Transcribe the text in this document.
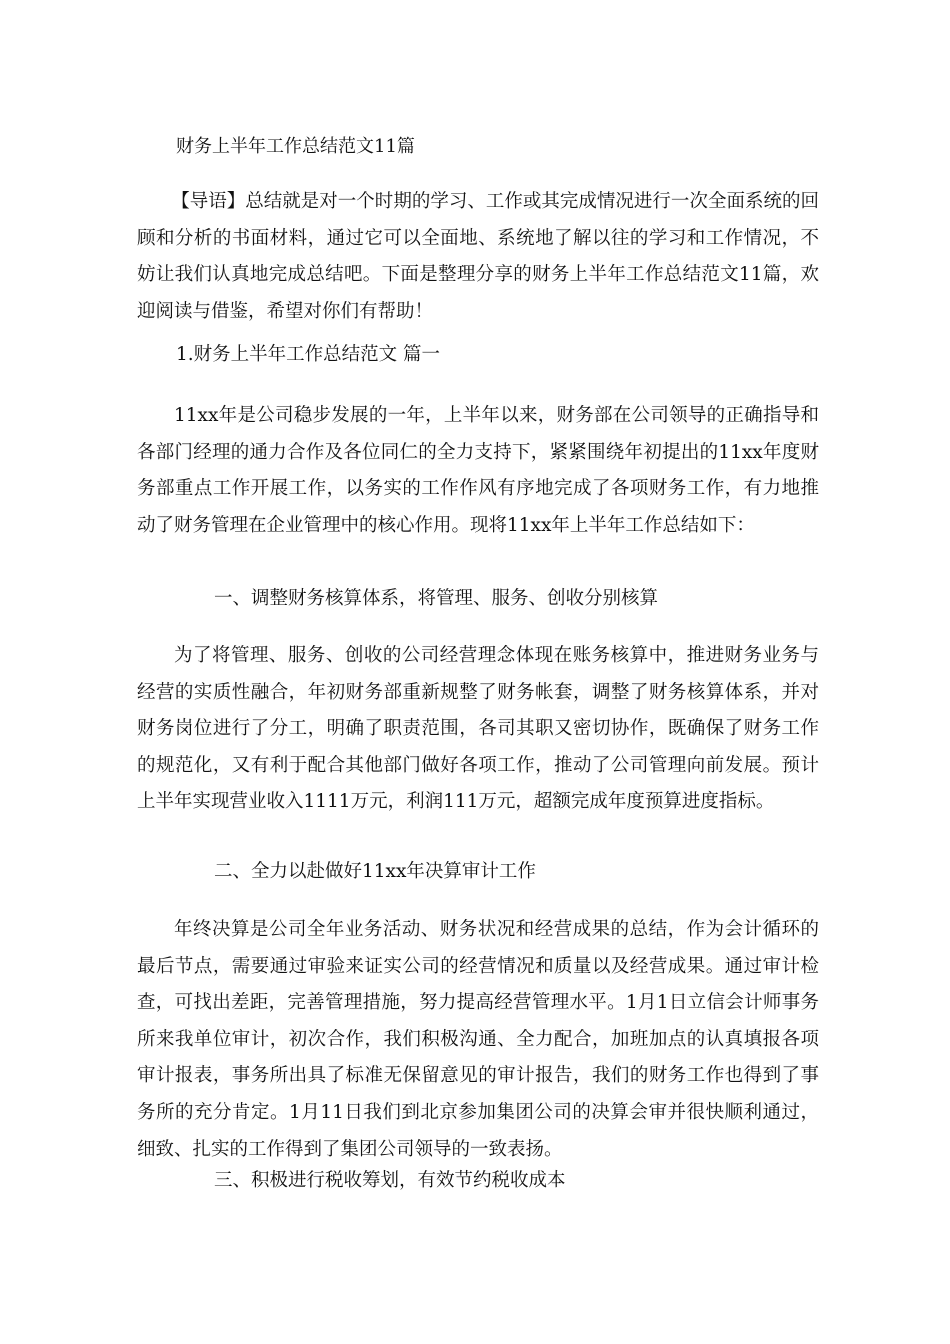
财务上半年工作总结范文11篇

【导语】总结就是对一个时期的学习、工作或其完成情况进行一次全面系统的回顾和分析的书面材料，通过它可以全面地、系统地了解以往的学习和工作情况，不妨让我们认真地完成总结吧。下面是整理分享的财务上半年工作总结范文11篇，欢迎阅读与借鉴，希望对你们有帮助！

1.财务上半年工作总结范文 篇一

11xx年是公司稳步发展的一年，上半年以来，财务部在公司领导的正确指导和各部门经理的通力合作及各位同仁的全力支持下，紧紧围绕年初提出的11xx年度财务部重点工作开展工作，以务实的工作作风有序地完成了各项财务工作，有力地推动了财务管理在企业管理中的核心作用。现将11xx年上半年工作总结如下：

一、调整财务核算体系，将管理、服务、创收分别核算

为了将管理、服务、创收的公司经营理念体现在账务核算中，推进财务业务与经营的实质性融合，年初财务部重新规整了财务帐套，调整了财务核算体系，并对财务岗位进行了分工，明确了职责范围，各司其职又密切协作，既确保了财务工作的规范化，又有利于配合其他部门做好各项工作，推动了公司管理向前发展。预计上半年实现营业收入1111万元，利润111万元，超额完成年度预算进度指标。

二、全力以赴做好11xx年决算审计工作

年终决算是公司全年业务活动、财务状况和经营成果的总结，作为会计循环的最后节点，需要通过审验来证实公司的经营情况和质量以及经营成果。通过审计检查，可找出差距，完善管理措施，努力提高经营管理水平。1月1日立信会计师事务所来我单位审计，初次合作，我们积极沟通、全力配合，加班加点的认真填报各项审计报表，事务所出具了标准无保留意见的审计报告，我们的财务工作也得到了事务所的充分肯定。1月11日我们到北京参加集团公司的决算会审并很快顺利通过，细致、扎实的工作得到了集团公司领导的一致表扬。

三、积极进行税收筹划，有效节约税收成本
